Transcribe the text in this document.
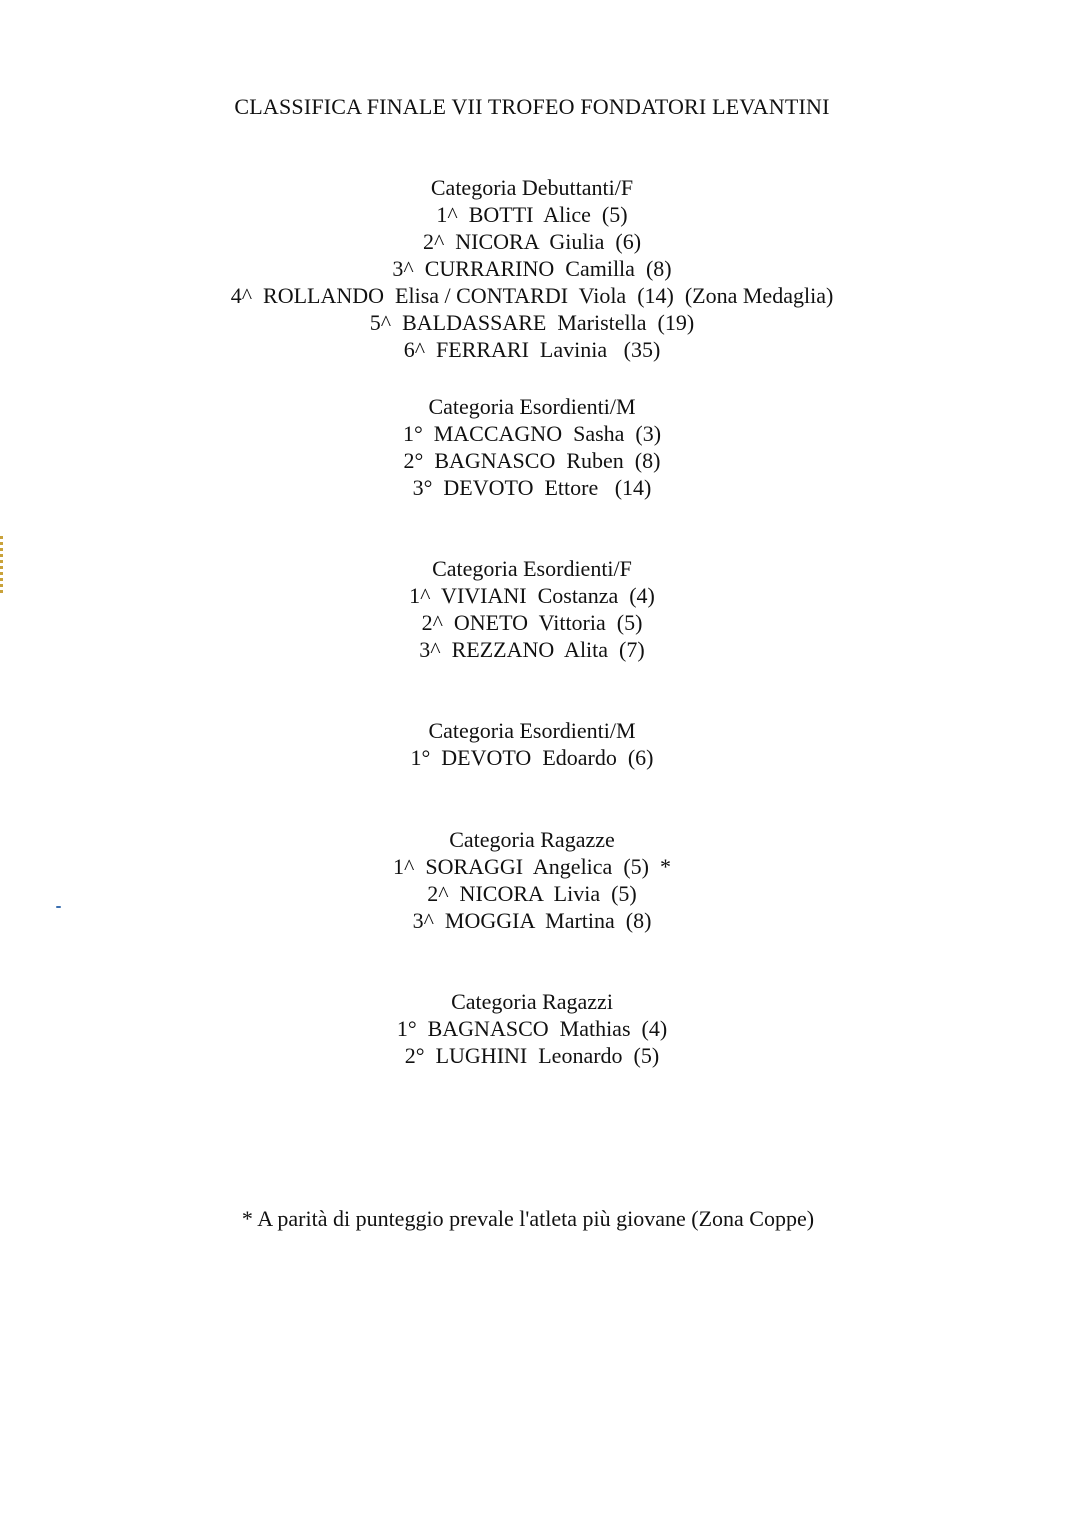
CLASSIFICA FINALE VII TROFEO FONDATORI LEVANTINI
Categoria Debuttanti/F
1^  BOTTI  Alice  (5)
2^  NICORA  Giulia  (6)
3^  CURRARINO  Camilla  (8)
4^  ROLLANDO  Elisa / CONTARDI  Viola  (14)  (Zona Medaglia)
5^  BALDASSARE  Maristella  (19)
6^  FERRARI  Lavinia   (35)
Categoria Esordienti/M
1°  MACCAGNO  Sasha  (3)
2°  BAGNASCO  Ruben  (8)
3°  DEVOTO  Ettore   (14)
Categoria Esordienti/F
1^  VIVIANI  Costanza  (4)
2^  ONETO  Vittoria  (5)
3^  REZZANO  Alita  (7)
Categoria Esordienti/M
1°  DEVOTO  Edoardo  (6)
Categoria Ragazze
1^  SORAGGI  Angelica  (5)  *
2^  NICORA  Livia  (5)
3^  MOGGIA  Martina  (8)
Categoria Ragazzi
1°  BAGNASCO  Mathias  (4)
2°  LUGHINI  Leonardo  (5)
* A parità di punteggio prevale l'atleta più giovane (Zona Coppe)
